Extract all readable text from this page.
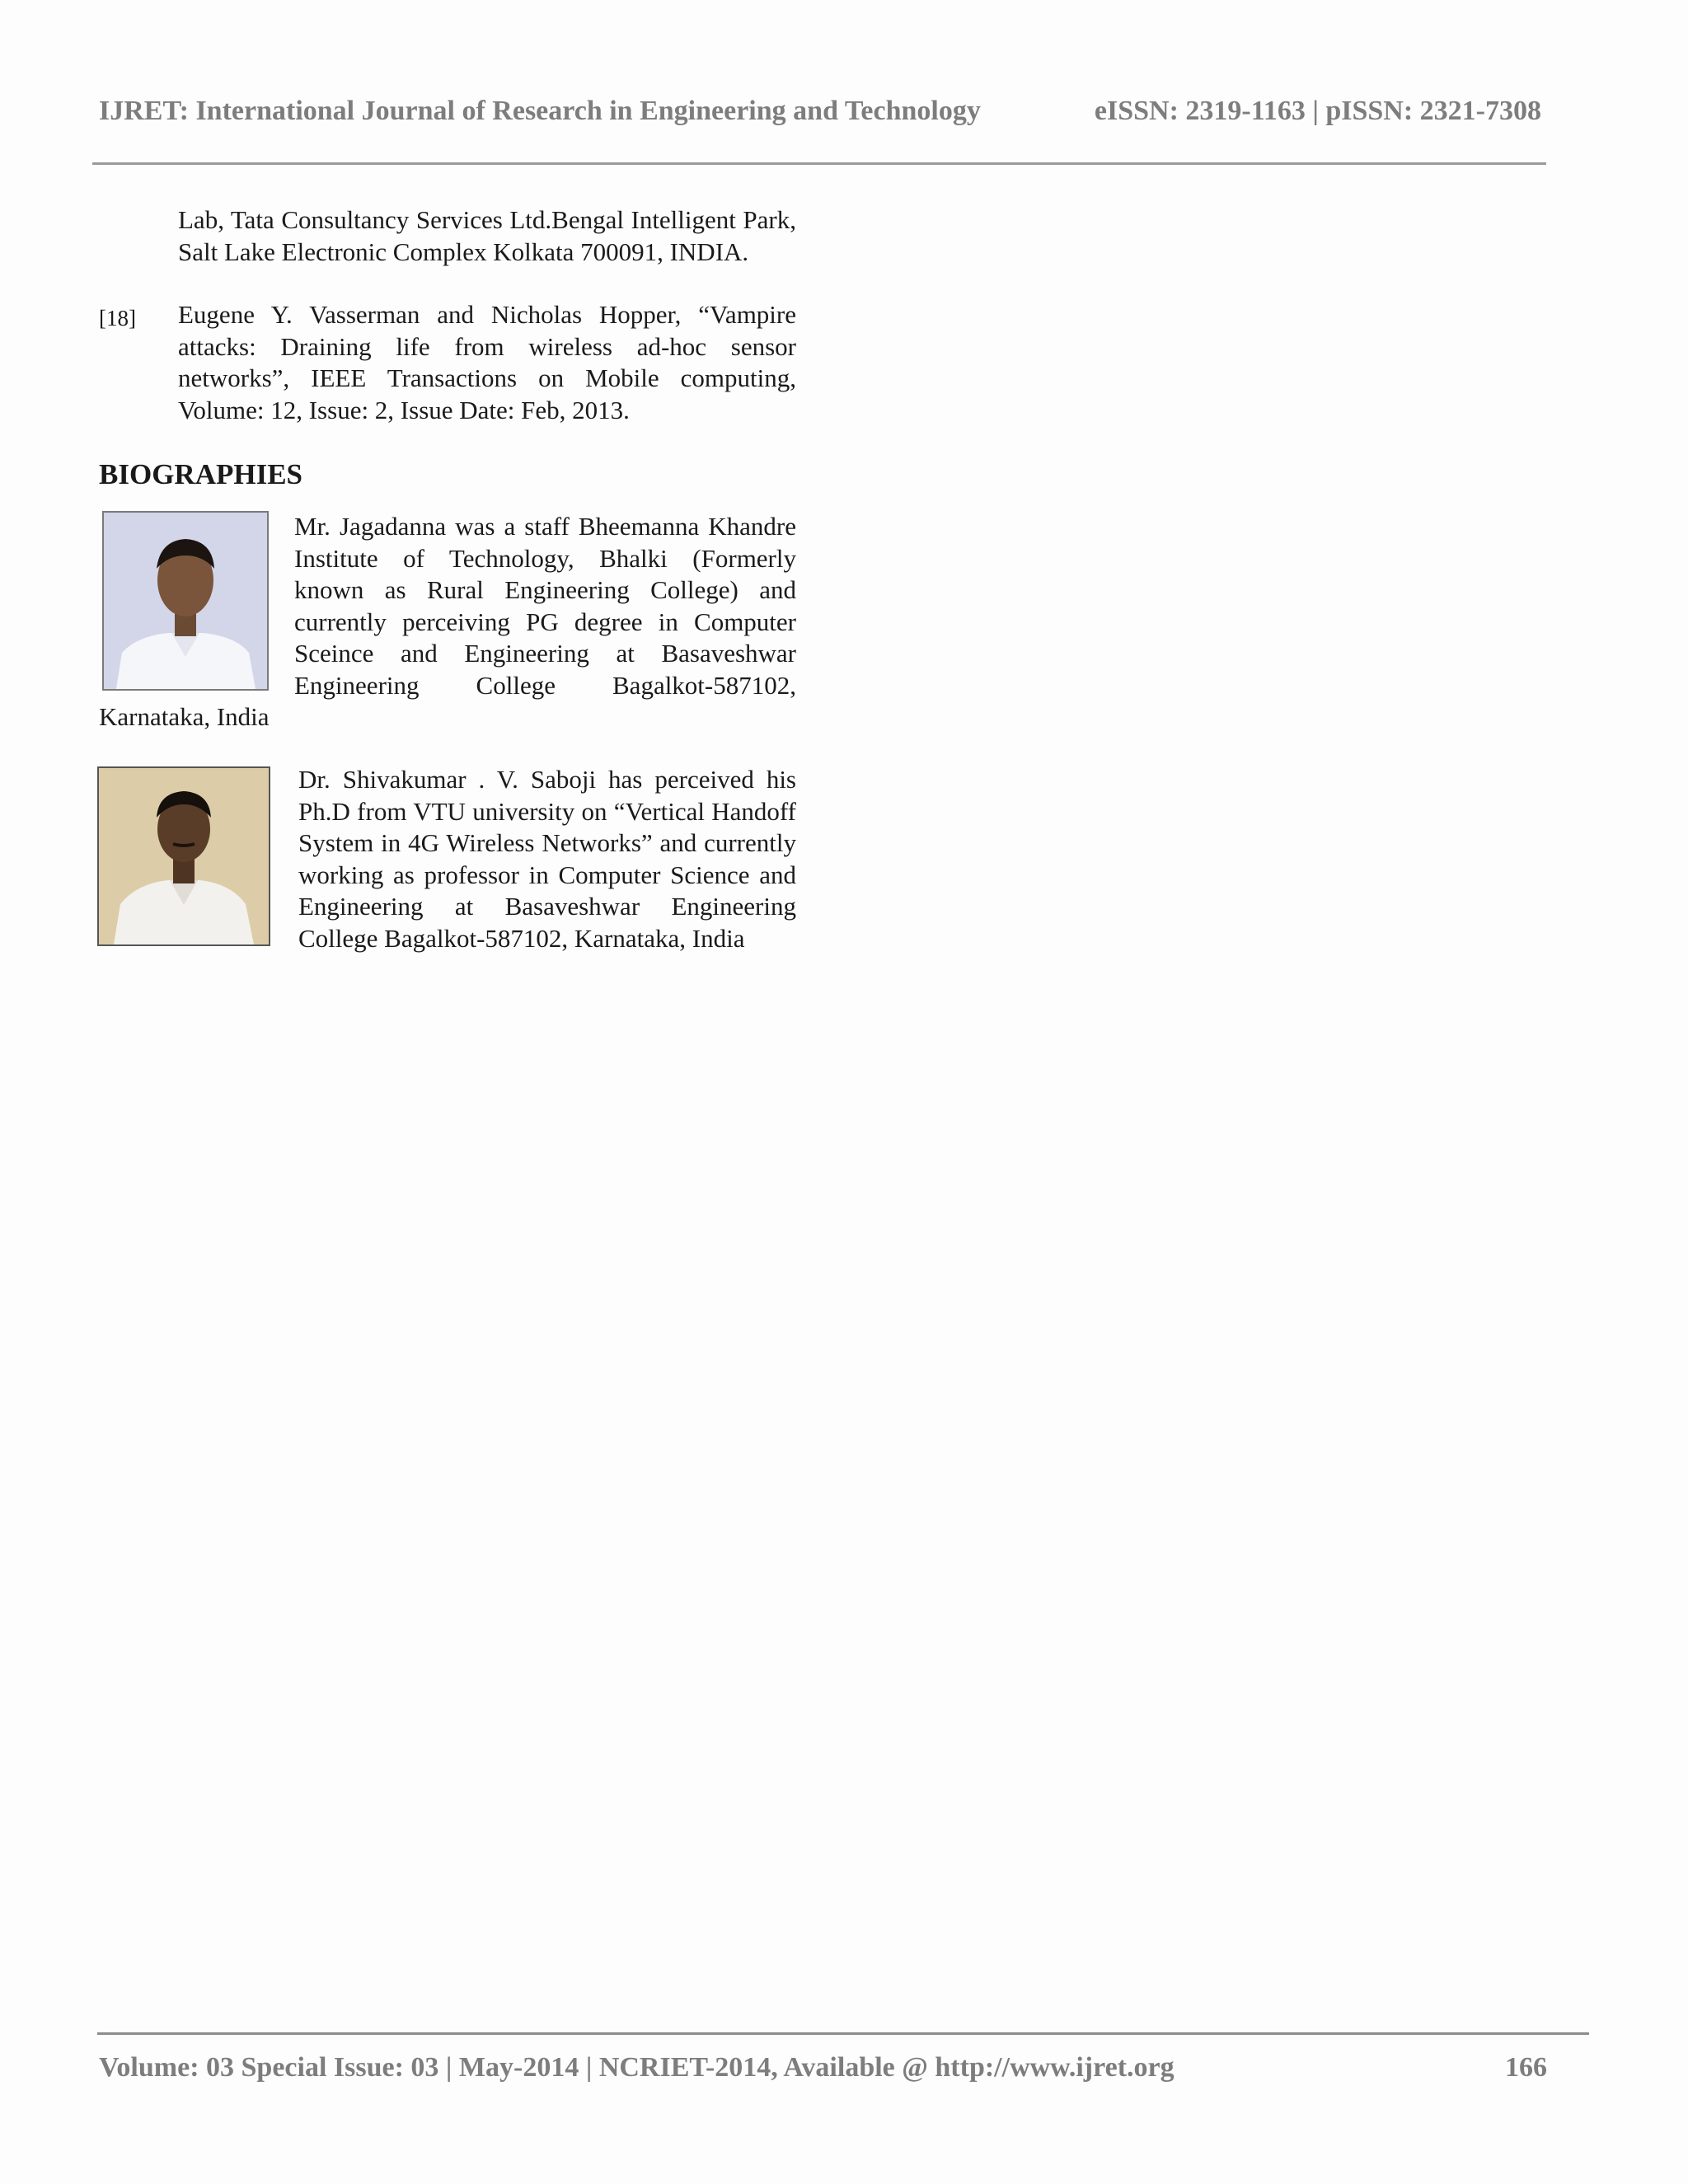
IJRET: International Journal of Research in Engineering and Technology	eISSN: 2319-1163 | pISSN: 2321-7308
Lab, Tata Consultancy Services Ltd.Bengal Intelligent Park, Salt Lake Electronic Complex Kolkata 700091, INDIA.
[18] Eugene Y. Vasserman and Nicholas Hopper, “Vampire attacks: Draining life from wireless ad-hoc sensor networks”, IEEE Transactions on Mobile computing, Volume: 12, Issue: 2, Issue Date: Feb, 2013.
BIOGRAPHIES
Mr. Jagadanna was a staff Bheemanna Khandre Institute of Technology, Bhalki (Formerly known as Rural Engineering College) and currently perceiving PG degree in Computer Sceince and Engineering at Basaveshwar Engineering College Bagalkot-587102, Karnataka, India
Dr. Shivakumar . V. Saboji has perceived his Ph.D from VTU university on “Vertical Handoff System in 4G Wireless Networks” and currently working as professor in Computer Science and Engineering at Basaveshwar Engineering College Bagalkot-587102, Karnataka, India
Volume: 03 Special Issue: 03 | May-2014 | NCRIET-2014, Available @ http://www.ijret.org	166
